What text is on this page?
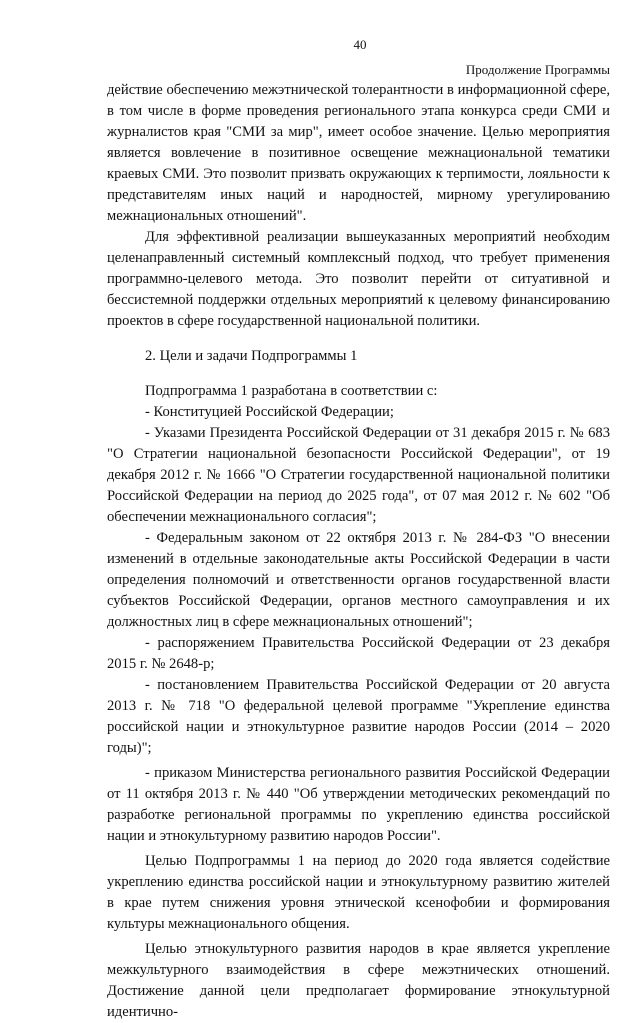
40
Продолжение Программы

действие обеспечению межэтнической толерантности в информационной сфере, в том числе в форме проведения регионального этапа конкурса среди СМИ и журналистов края "СМИ за мир", имеет особое значение. Целью мероприятия является вовлечение в позитивное освещение межнациональной тематики краевых СМИ. Это позволит призвать окружающих к терпимости, лояльности к представителям иных наций и народностей, мирному урегулированию межнациональных отношений".

Для эффективной реализации вышеуказанных мероприятий необходим целенаправленный системный комплексный подход, что требует применения программно-целевого метода. Это позволит перейти от ситуативной и бессистемной поддержки отдельных мероприятий к целевому финансированию проектов в сфере государственной национальной политики.

2. Цели и задачи Подпрограммы 1

Подпрограмма 1 разработана в соответствии с:

- Конституцией Российской Федерации;

- Указами Президента Российской Федерации от 31 декабря 2015 г. № 683 "О Стратегии национальной безопасности Российской Федерации", от 19 декабря 2012 г. № 1666 "О Стратегии государственной национальной политики Российской Федерации на период до 2025 года", от 07 мая 2012 г. № 602 "Об обеспечении межнационального согласия";

- Федеральным законом от 22 октября 2013 г. № 284-ФЗ "О внесении изменений в отдельные законодательные акты Российской Федерации в части определения полномочий и ответственности органов государственной власти субъектов Российской Федерации, органов местного самоуправления и их должностных лиц в сфере межнациональных отношений";

- распоряжением Правительства Российской Федерации от 23 декабря 2015 г. № 2648-р;

- постановлением Правительства Российской Федерации от 20 августа 2013 г. № 718 "О федеральной целевой программе "Укрепление единства российской нации и этнокультурное развитие народов России (2014 – 2020 годы)";

- приказом Министерства регионального развития Российской Федерации от 11 октября 2013 г. № 440 "Об утверждении методических рекомендаций по разработке региональной программы по укреплению единства российской нации и этнокультурному развитию народов России".

Целью Подпрограммы 1 на период до 2020 года является содействие укреплению единства российской нации и этнокультурному развитию жителей в крае путем снижения уровня этнической ксенофобии и формирования культуры межнационального общения.

Целью этнокультурного развития народов в крае является укрепление межкультурного взаимодействия в сфере межэтнических отношений. Достижение данной цели предполагает формирование этнокультурной идентично-
